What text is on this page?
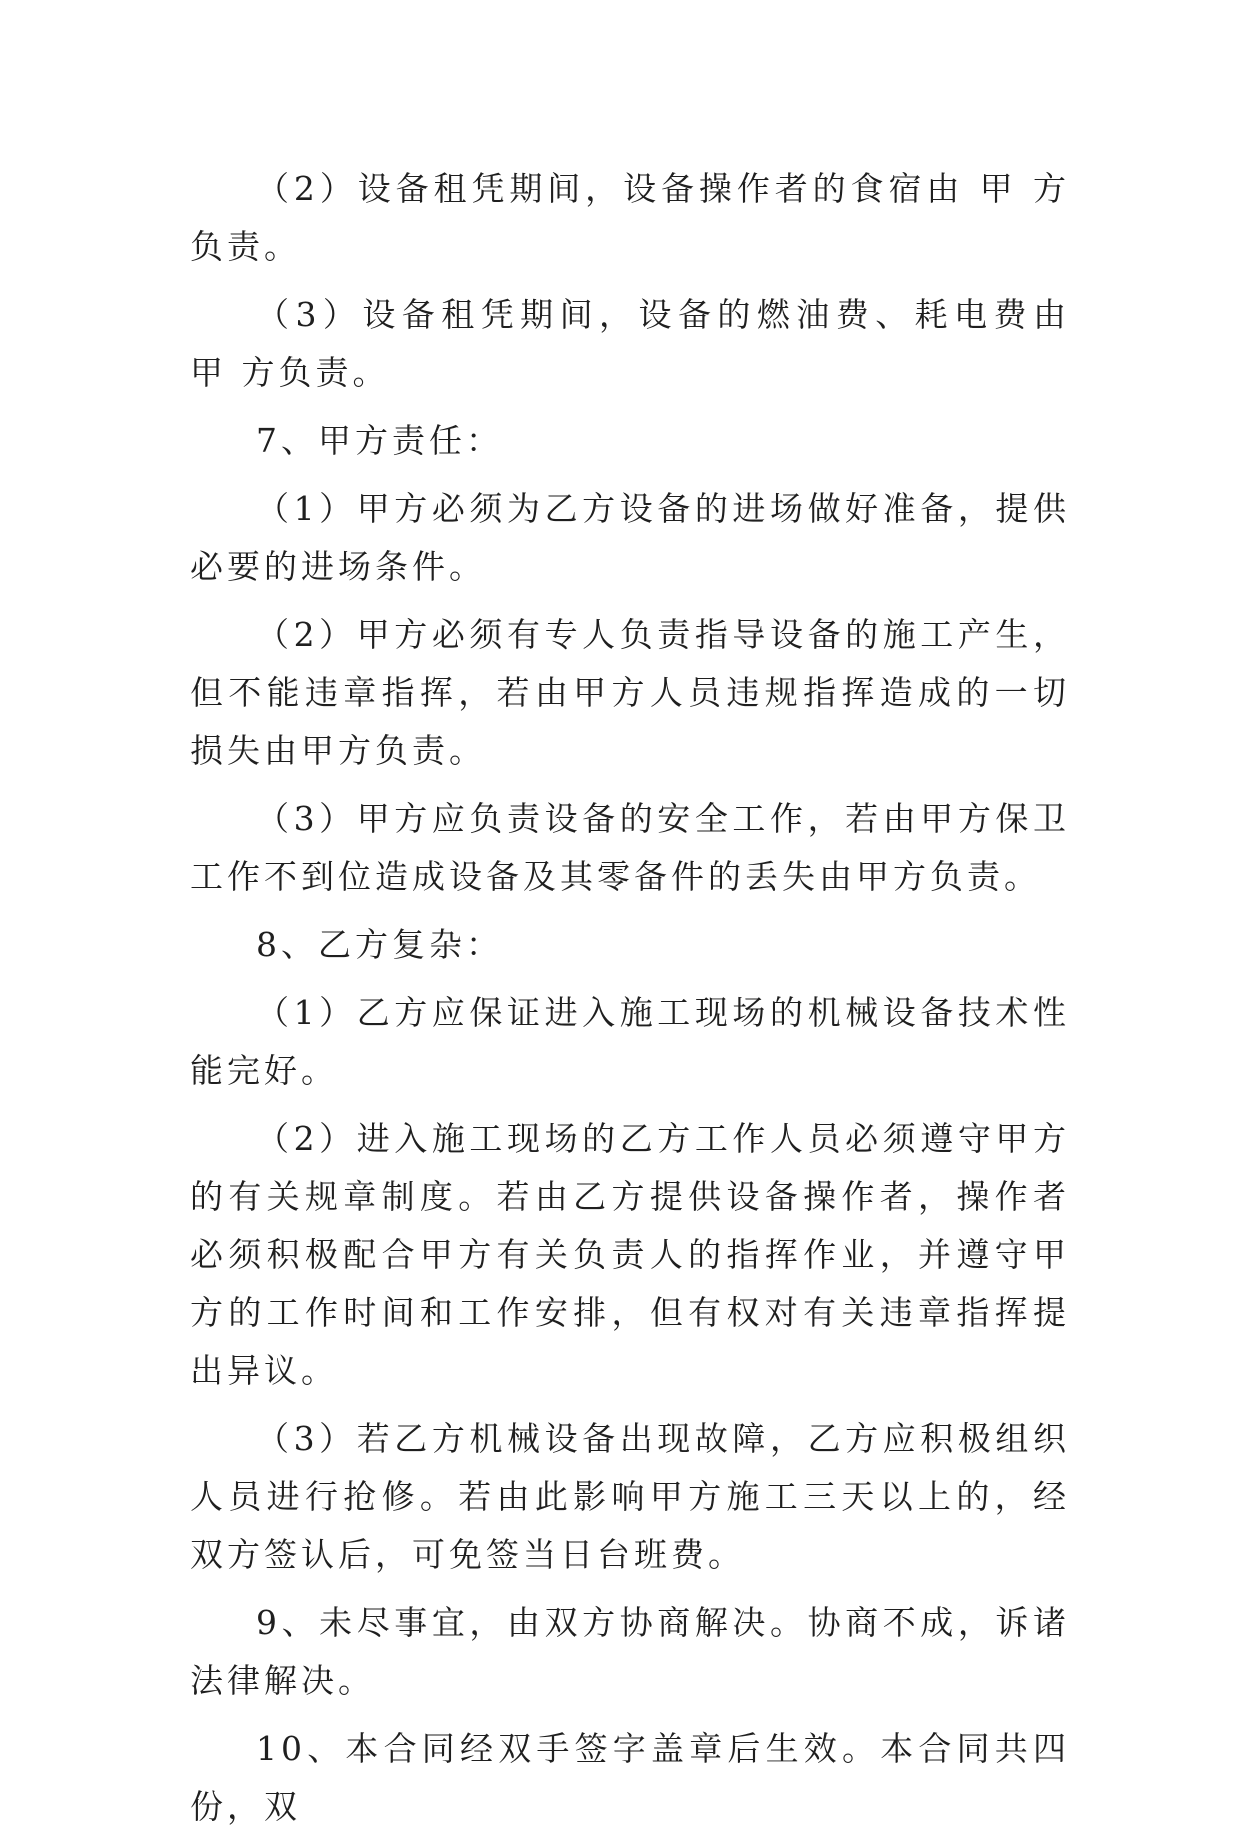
（2）设备租凭期间，设备操作者的食宿由 甲 方负责。

（3）设备租凭期间，设备的燃油费、耗电费由 甲 方负责。

7、甲方责任：

（1）甲方必须为乙方设备的进场做好准备，提供必要的进场条件。

（2）甲方必须有专人负责指导设备的施工产生，但不能违章指挥，若由甲方人员违规指挥造成的一切损失由甲方负责。

（3）甲方应负责设备的安全工作，若由甲方保卫工作不到位造成设备及其零备件的丢失由甲方负责。

8、乙方复杂：

（1）乙方应保证进入施工现场的机械设备技术性能完好。

（2）进入施工现场的乙方工作人员必须遵守甲方的有关规章制度。若由乙方提供设备操作者，操作者必须积极配合甲方有关负责人的指挥作业，并遵守甲方的工作时间和工作安排，但有权对有关违章指挥提出异议。

（3）若乙方机械设备出现故障，乙方应积极组织人员进行抢修。若由此影响甲方施工三天以上的，经双方签认后，可免签当日台班费。

9、未尽事宜，由双方协商解决。协商不成，诉诸法律解决。

10、本合同经双手签字盖章后生效。本合同共四份，双
